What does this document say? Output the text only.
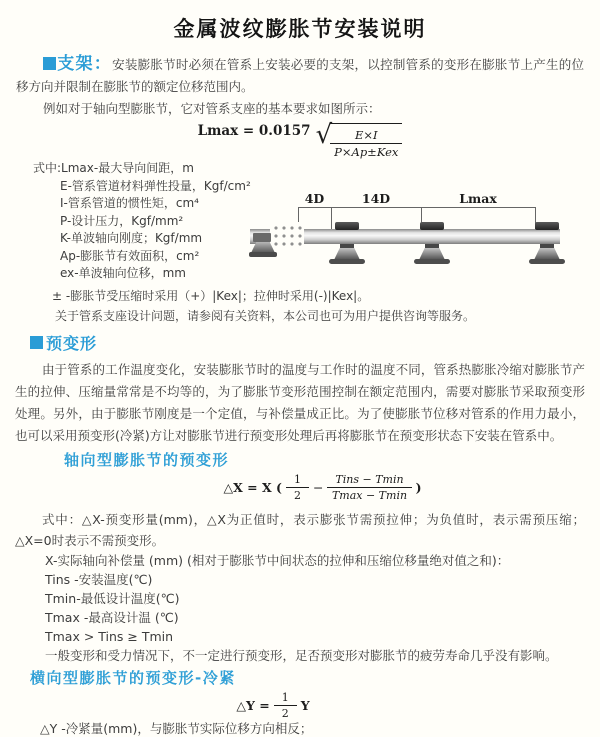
金属波纹膨胀节安装说明
支架：安装膨胀节时必须在管系上安装必要的支架，以控制管系的变形在膨胀节上产生的位移方向并限制在膨胀节的额定位移范围内。
例如对于轴向型膨胀节，它对管系支座的基本要求如图所示：
$^{Lmax = 0.0157}$ √
$\frac{E\times I}{\text{P×Ap±Kex}}$
式中:Lmax-最大导向间距，m
E-管系管道材料弹性投量，Kgf/cm²
I-管系管道的惯性矩，cm⁴
P-设计压力，Kgf/mm²
K-单波轴向刚度；Kgf/mm
Ap-膨胀节有效面积，cm²
ex-单波轴向位移，mm
± -膨胀节受压缩时采用（+）|Kex|；拉伸时采用(-)|Kex|。
关于管系支座设计问题，请参阅有关资料，本公司也可为用户提供咨询等服务。
预变形
由于管系的工作温度变化，安装膨胀节时的温度与工作时的温度不同，管系热膨胀冷缩对膨胀节产生的拉伸、压缩量常常是不均等的，为了膨胀节变形范围控制在额定范围内，需要对膨胀节采取预变形处理。另外，由于膨胀节刚度是一个定值，与补偿量成正比。为了使膨胀节位移对管系的作用力最小，也可以采用预变形(冷紧)方让对膨胀节进行预变形处理后再将膨胀节在预变形状态下安装在管系中。
轴向型膨胀节的预变形
△X = X ( $\frac{1}{2} - \frac{\text{Tins − Tmin}}{Tmax - Tmin}$ )
式中：△X-预变形量(mm)，△X为正值时，表示膨张节需预拉伸；为负值时，表示需预压缩；△X=0时表示不需预变形。
X-实际轴向补偿量 (mm) (相对于膨胀节中间状态的拉伸和压缩位移量绝对值之和)：
Tins -安装温度(℃)
Tmin-最低设计温度(℃)
Tmax -最高设计温 (℃)
Tmax > Tins ≥ Tmin
一般变形和受力情况下，不一定进行预变形，足否预变形对膨胀节的疲劳寿命几乎没有影响。
横向型膨胀节的预变形-冷紧
△Y = $\frac{1}{2}$ Y
△Y -冷紧量(mm)，与膨胀节实际位移方向相反；
4D	14D	Lmax
